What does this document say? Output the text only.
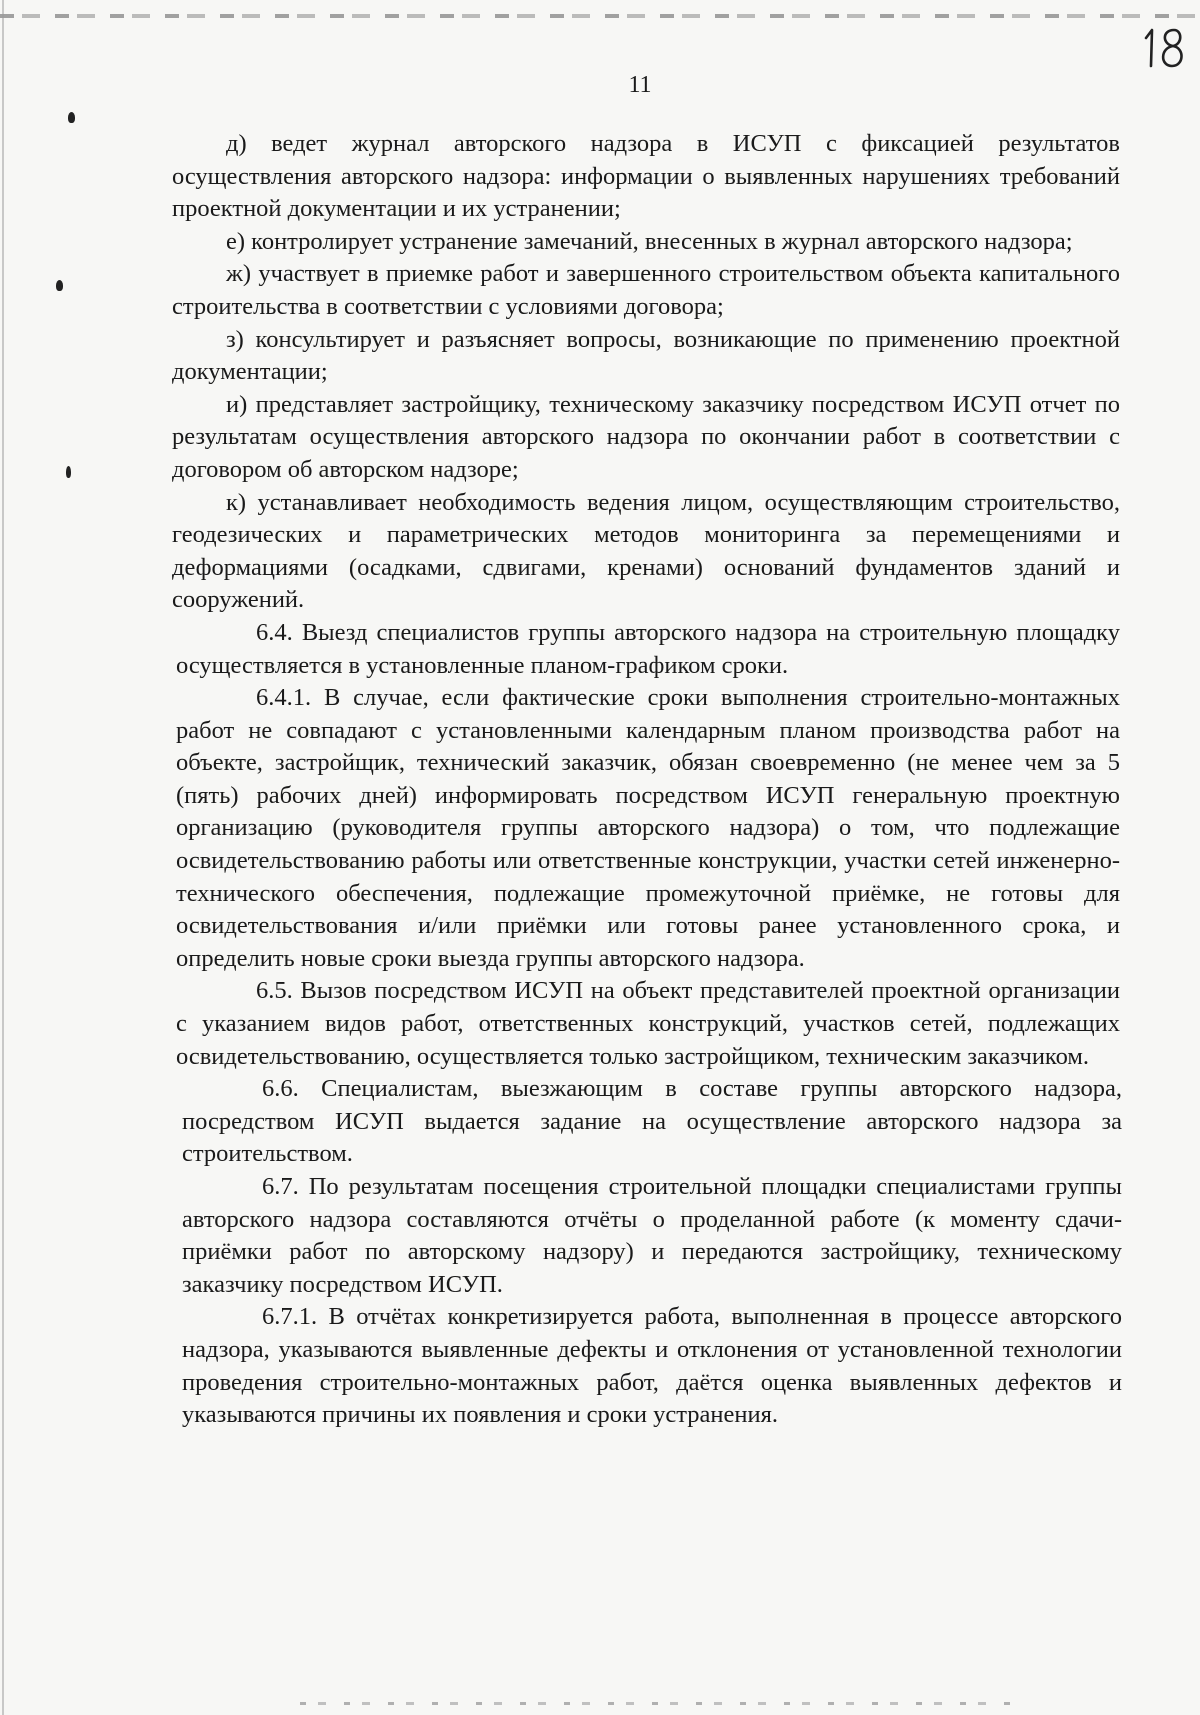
11

д) ведет журнал авторского надзора в ИСУП с фиксацией результатов осуществления авторского надзора: информации о выявленных нарушениях требований проектной документации и их устранении;

е) контролирует устранение замечаний, внесенных в журнал авторского надзора;

ж) участвует в приемке работ и завершенного строительством объекта капитального строительства в соответствии с условиями договора;

з) консультирует и разъясняет вопросы, возникающие по применению проектной документации;

и) представляет застройщику, техническому заказчику посредством ИСУП отчет по результатам осуществления авторского надзора по окончании работ в соответствии с договором об авторском надзоре;

к) устанавливает необходимость ведения лицом, осуществляющим строительство, геодезических и параметрических методов мониторинга за перемещениями и деформациями (осадками, сдвигами, кренами) оснований фундаментов зданий и сооружений.

6.4. Выезд специалистов группы авторского надзора на строительную площадку осуществляется в установленные планом-графиком сроки.

6.4.1. В случае, если фактические сроки выполнения строительно-монтажных работ не совпадают с установленными календарным планом производства работ на объекте, застройщик, технический заказчик, обязан своевременно (не менее чем за 5 (пять) рабочих дней) информировать посредством ИСУП генеральную проектную организацию (руководителя группы авторского надзора) о том, что подлежащие освидетельствованию работы или ответственные конструкции, участки сетей инженерно-технического обеспечения, подлежащие промежуточной приёмке, не готовы для освидетельствования и/или приёмки или готовы ранее установленного срока, и определить новые сроки выезда группы авторского надзора.

6.5. Вызов посредством ИСУП на объект представителей проектной организации с указанием видов работ, ответственных конструкций, участков сетей, подлежащих освидетельствованию, осуществляется только застройщиком, техническим заказчиком.

6.6. Специалистам, выезжающим в составе группы авторского надзора, посредством ИСУП выдается задание на осуществление авторского надзора за строительством.

6.7. По результатам посещения строительной площадки специалистами группы авторского надзора составляются отчёты о проделанной работе (к моменту сдачи-приёмки работ по авторскому надзору) и передаются застройщику, техническому заказчику посредством ИСУП.

6.7.1. В отчётах конкретизируется работа, выполненная в процессе авторского надзора, указываются выявленные дефекты и отклонения от установленной технологии проведения строительно-монтажных работ, даётся оценка выявленных дефектов и указываются причины их появления и сроки устранения.
